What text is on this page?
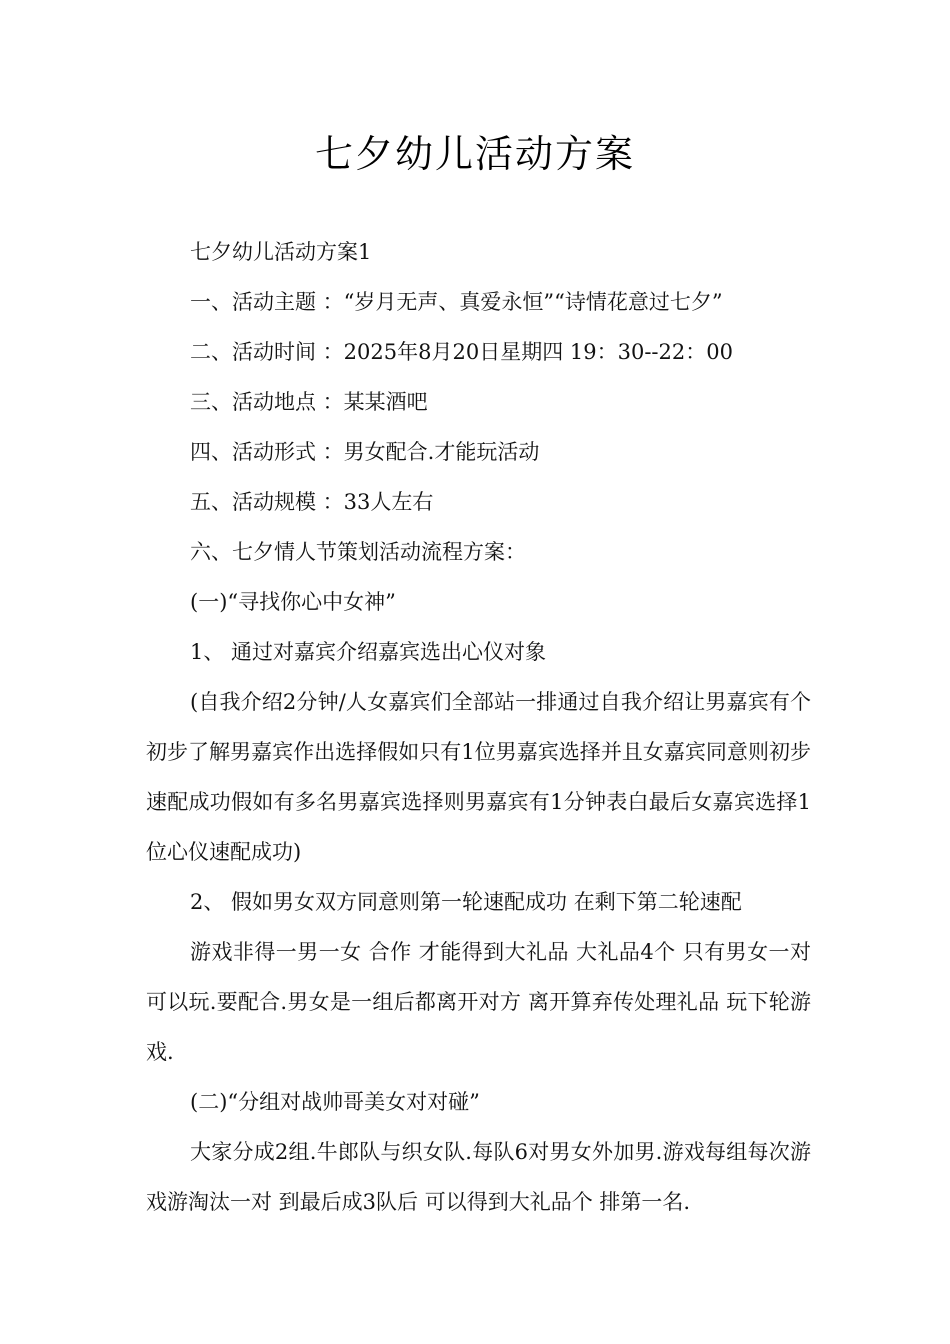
七夕幼儿活动方案

七夕幼儿活动方案1

一、活动主题 ：“岁月无声、真爱永恒”“诗情花意过七夕”

二、活动时间 ：2025年8月20日星期四 19：30--22：00

三、活动地点 ：某某酒吧

四、活动形式 ：男女配合.才能玩活动

五、活动规模 ：33人左右

六、七夕情人节策划活动流程方案：

(一)“寻找你心中女神”

1、 通过对嘉宾介绍嘉宾选出心仪对象

(自我介绍2分钟/人女嘉宾们全部站一排通过自我介绍让男嘉宾有个初步了解男嘉宾作出选择假如只有1位男嘉宾选择并且女嘉宾同意则初步速配成功假如有多名男嘉宾选择则男嘉宾有1分钟表白最后女嘉宾选择1位心仪速配成功)

2、 假如男女双方同意则第一轮速配成功 在剩下第二轮速配

游戏非得一男一女 合作 才能得到大礼品 大礼品4个 只有男女一对可以玩.要配合.男女是一组后都离开对方 离开算弃传处理礼品 玩下轮游戏.

(二)“分组对战帅哥美女对对碰”

大家分成2组.牛郎队与织女队.每队6对男女外加男.游戏每组每次游戏游淘汰一对 到最后成3队后 可以得到大礼品个 排第一名.
